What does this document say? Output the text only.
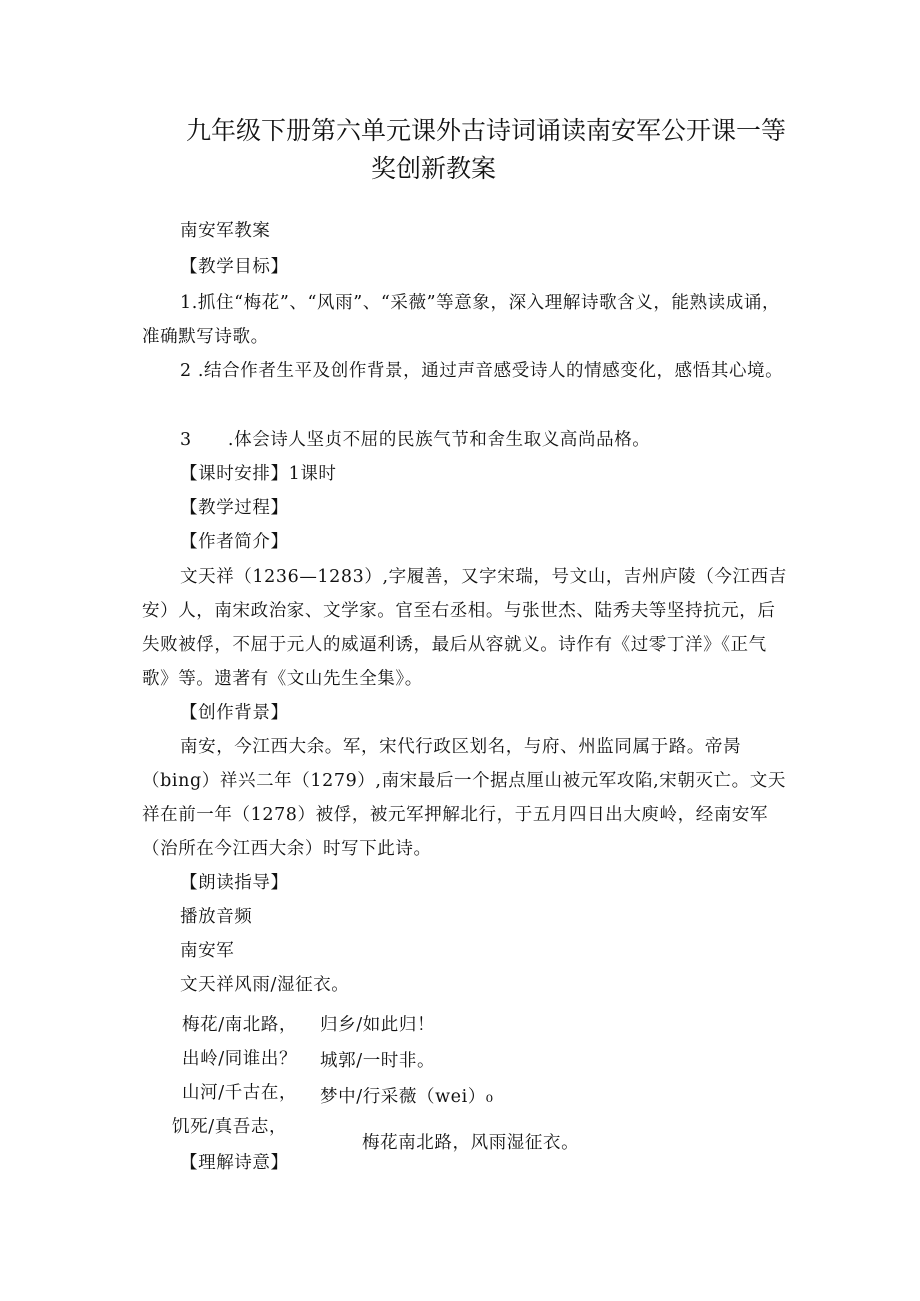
九年级下册第六单元课外古诗词诵读南安军公开课一等
奖创新教案

南安军教案

【教学目标】

1.抓住“梅花”、“风雨”、“采薇”等意象，深入理解诗歌含义，能熟读成诵，准确默写诗歌。

2 .结合作者生平及创作背景，通过声音感受诗人的情感变化，感悟其心境。

3　　.体会诗人坚贞不屈的民族气节和舍生取义高尚品格。

【课时安排】1课时

【教学过程】

【作者简介】

文天祥（1236—1283）,字履善，又字宋瑞，号文山，吉州庐陵（今江西吉安）人，南宋政治家、文学家。官至右丞相。与张世杰、陆秀夫等坚持抗元，后失败被俘，不屈于元人的威逼利诱，最后从容就义。诗作有《过零丁洋》《正气歌》等。遗著有《文山先生全集》。

【创作背景】

南安，今江西大余。军，宋代行政区划名，与府、州监同属于路。帝昺（bing）祥兴二年（1279）,南宋最后一个据点厘山被元军攻陷,宋朝灭亡。文天祥在前一年（1278）被俘，被元军押解北行，于五月四日出大庾岭，经南安军（治所在今江西大余）时写下此诗。

【朗读指导】

播放音频

南安军

文天祥风雨/湿征衣。

梅花/南北路，
出岭/同谁出？
山河/千古在，
饥死/真吾志，
归乡/如此归！
城郭/一时非。
梦中/行采薇（wei）₀
梅花南北路，风雨湿征衣。
【理解诗意】
